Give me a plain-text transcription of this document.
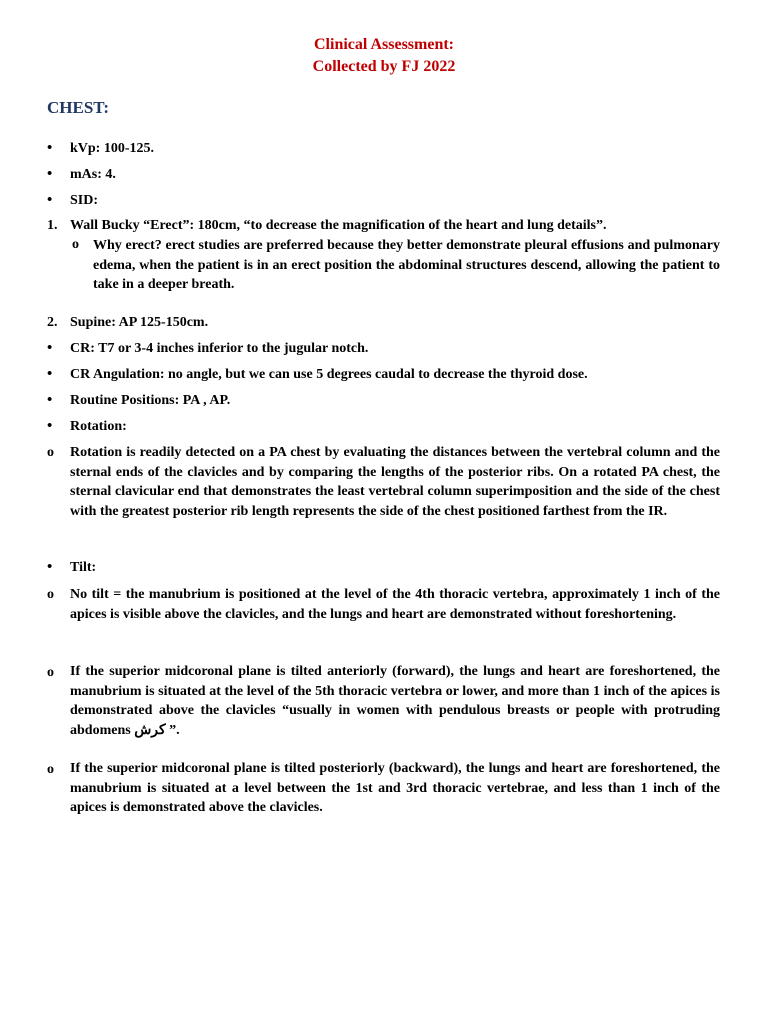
Clinical Assessment:
Collected by FJ 2022
CHEST:
• kVp: 100-125.
• mAs: 4.
• SID:
1. Wall Bucky “Erect”: 180cm, “to decrease the magnification of the heart and lung details”.
o Why erect? erect studies are preferred because they better demonstrate pleural effusions and pulmonary edema, when the patient is in an erect position the abdominal structures descend, allowing the patient to take in a deeper breath.
2. Supine: AP 125-150cm.
• CR: T7 or 3-4 inches inferior to the jugular notch.
• CR Angulation: no angle, but we can use 5 degrees caudal to decrease the thyroid dose.
• Routine Positions: PA , AP.
• Rotation:
o Rotation is readily detected on a PA chest by evaluating the distances between the vertebral column and the sternal ends of the clavicles and by comparing the lengths of the posterior ribs. On a rotated PA chest, the sternal clavicular end that demonstrates the least vertebral column superimposition and the side of the chest with the greatest posterior rib length represents the side of the chest positioned farthest from the IR.
• Tilt:
o No tilt = the manubrium is positioned at the level of the 4th thoracic vertebra, approximately 1 inch of the apices is visible above the clavicles, and the lungs and heart are demonstrated without foreshortening.
o If the superior midcoronal plane is tilted anteriorly (forward), the lungs and heart are foreshortened, the manubrium is situated at the level of the 5th thoracic vertebra or lower, and more than 1 inch of the apices is demonstrated above the clavicles “usually in women with pendulous breasts or people with protruding abdomens كرش ”.
o If the superior midcoronal plane is tilted posteriorly (backward), the lungs and heart are foreshortened, the manubrium is situated at a level between the 1st and 3rd thoracic vertebrae, and less than 1 inch of the apices is demonstrated above the clavicles.
